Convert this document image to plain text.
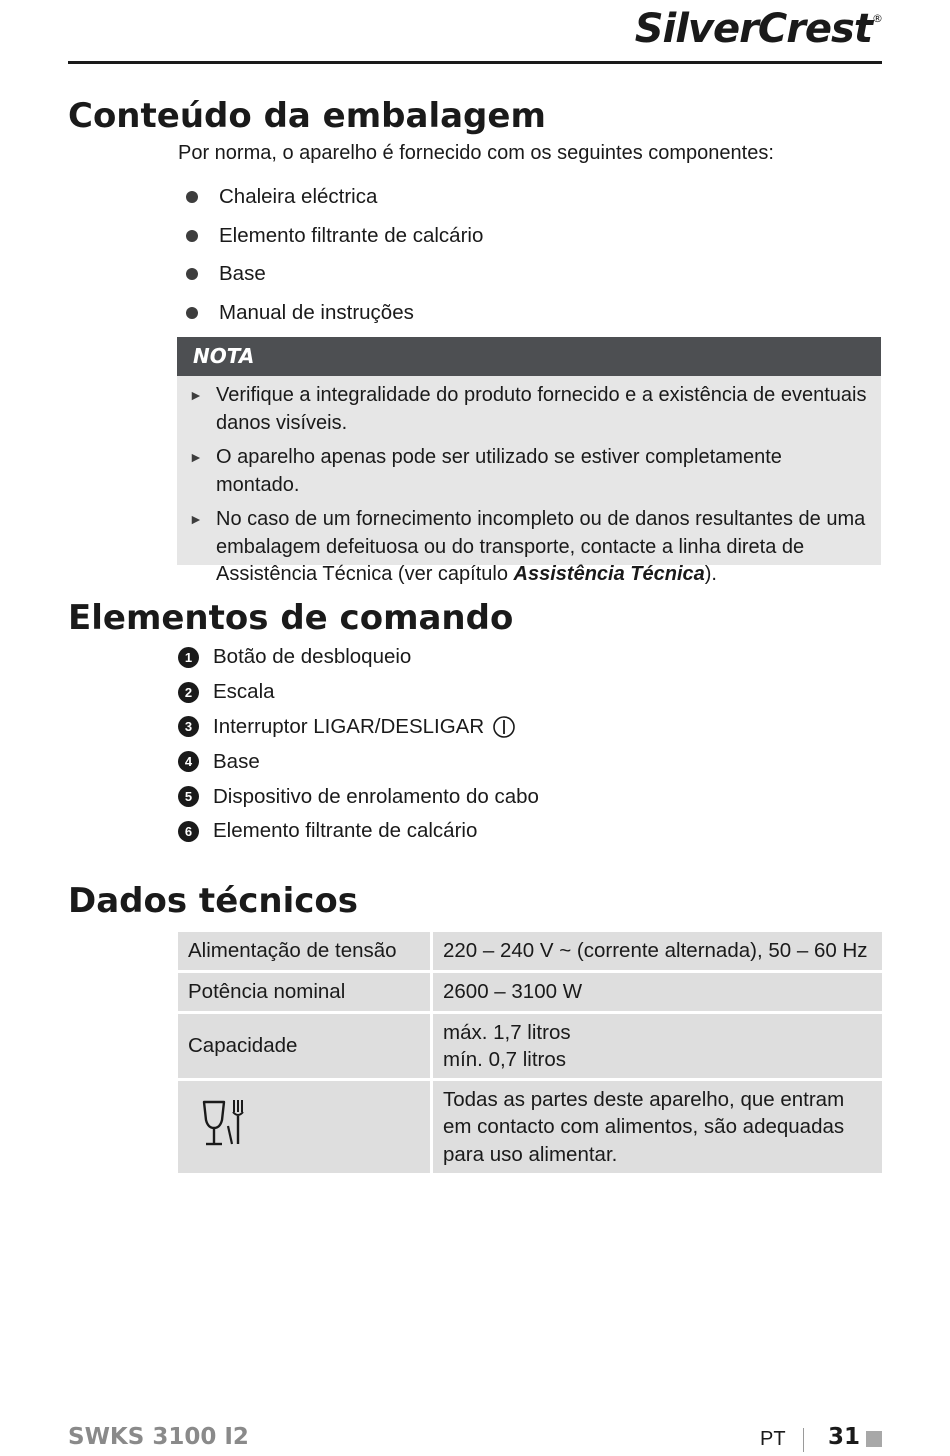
SilverCrest®
Conteúdo da embalagem
Por norma, o aparelho é fornecido com os seguintes componentes:
Chaleira eléctrica
Elemento filtrante de calcário
Base
Manual de instruções
NOTA
► Verifique a integralidade do produto fornecido e a existência de eventuais danos visíveis.
► O aparelho apenas pode ser utilizado se estiver completamente montado.
► No caso de um fornecimento incompleto ou de danos resultantes de uma embalagem defeituosa ou do transporte, contacte a linha direta de Assistência Técnica (ver capítulo Assistência Técnica).
Elementos de comando
1	Botão de desbloqueio
2	Escala
3	Interruptor LIGAR/DESLIGAR
4	Base
5	Dispositivo de enrolamento do cabo
6	Elemento filtrante de calcário
Dados técnicos
Alimentação de tensão	220 – 240 V ~ (corrente alternada), 50 – 60 Hz
Potência nominal	2600 – 3100 W
Capacidade	máx. 1,7 litros
mín. 0,7 litros

	Todas as partes deste aparelho, que entram em contacto com alimentos, são adequadas para uso alimentar.
SWKS 3100 I2	PT 31
